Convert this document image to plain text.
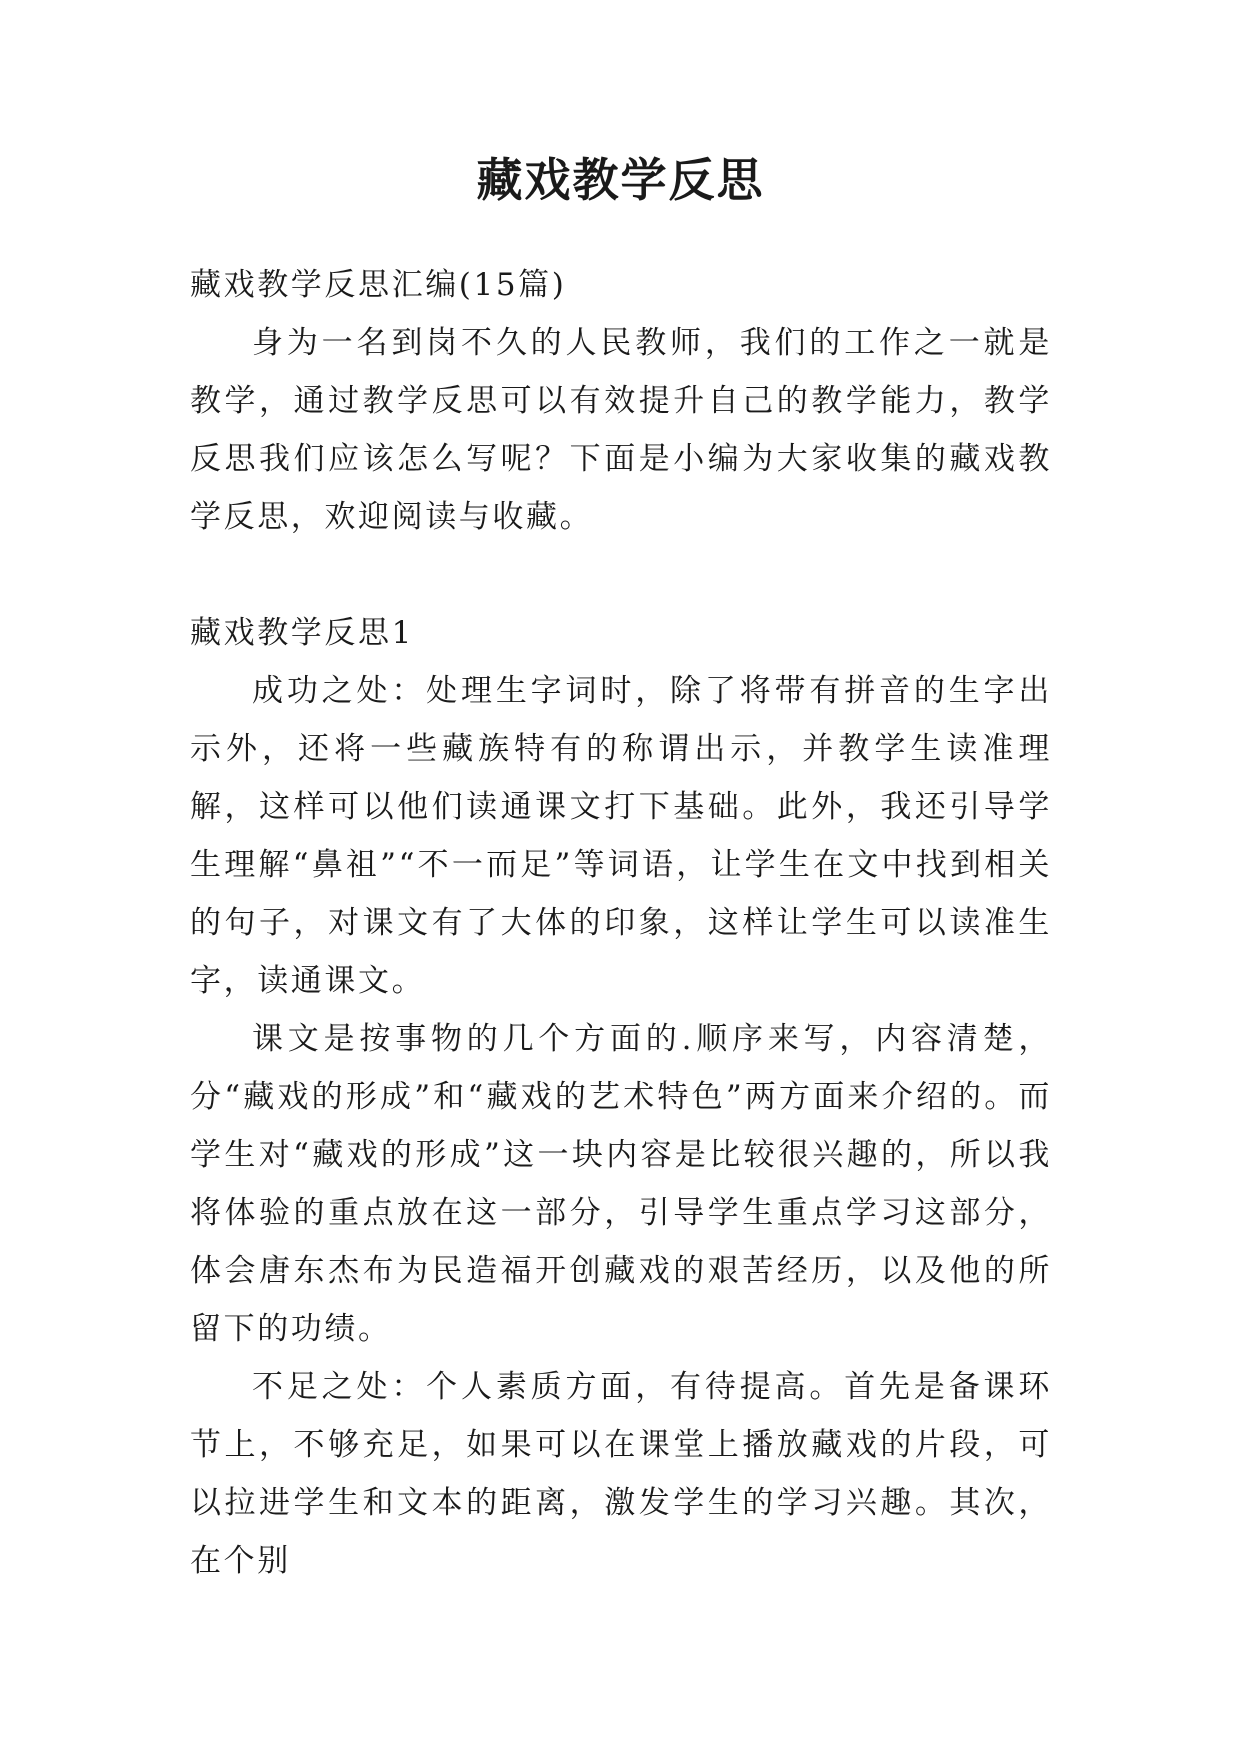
藏戏教学反思

藏戏教学反思汇编(15篇)

身为一名到岗不久的人民教师，我们的工作之一就是教学，通过教学反思可以有效提升自己的教学能力，教学反思我们应该怎么写呢？下面是小编为大家收集的藏戏教学反思，欢迎阅读与收藏。

藏戏教学反思1

成功之处：处理生字词时，除了将带有拼音的生字出示外，还将一些藏族特有的称谓出示，并教学生读准理解，这样可以他们读通课文打下基础。此外，我还引导学生理解“鼻祖”“不一而足”等词语，让学生在文中找到相关的句子，对课文有了大体的印象，这样让学生可以读准生字，读通课文。

课文是按事物的几个方面的.顺序来写，内容清楚，分“藏戏的形成”和“藏戏的艺术特色”两方面来介绍的。而学生对“藏戏的形成”这一块内容是比较很兴趣的，所以我将体验的重点放在这一部分，引导学生重点学习这部分，体会唐东杰布为民造福开创藏戏的艰苦经历，以及他的所留下的功绩。

不足之处：个人素质方面，有待提高。首先是备课环节上，不够充足，如果可以在课堂上播放藏戏的片段，可以拉进学生和文本的距离，激发学生的学习兴趣。其次，在个别
